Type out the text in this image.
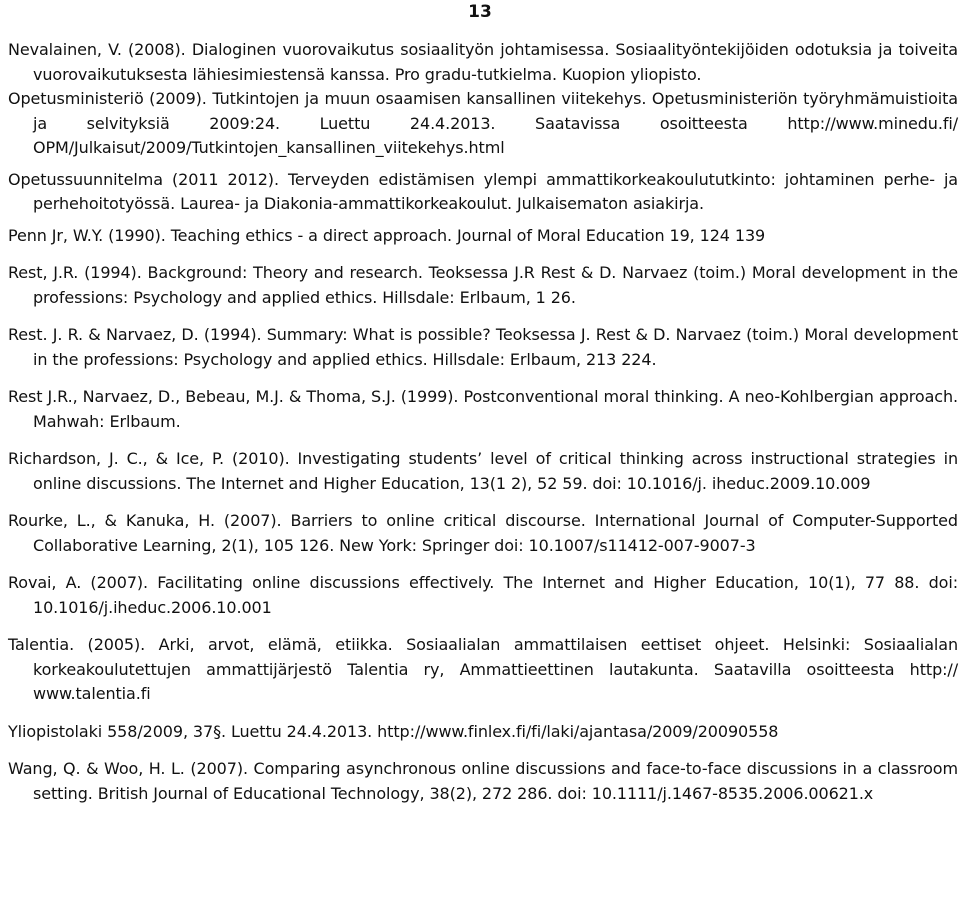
13

Nevalainen, V. (2008). Dialoginen vuorovaikutus sosiaalityön johtamisessa. Sosiaalityöntekijöiden odotuksia ja toiveita vuorovaikutuksesta lähiesimiestensä kanssa. Pro gradu-tutkielma. Kuopion yliopisto.

Opetusministeriö (2009). Tutkintojen ja muun osaamisen kansallinen viitekehys. Opetusministeriön työryhmämuistioita ja selvityksiä 2009:24. Luettu 24.4.2013. Saatavissa osoitteesta http://www.minedu.fi/ OPM/Julkaisut/2009/Tutkintojen_kansallinen_viitekehys.html

Opetussuunnitelma (2011 2012). Terveyden edistämisen ylempi ammattikorkeakoulututkinto: johtaminen perhe- ja perhehoitotyössä. Laurea- ja Diakonia-ammattikorkeakoulut. Julkaisematon asiakirja.

Penn Jr, W.Y. (1990). Teaching ethics - a direct approach. Journal of Moral Education 19, 124 139

Rest, J.R. (1994). Background: Theory and research. Teoksessa J.R Rest & D. Narvaez (toim.) Moral development in the professions: Psychology and applied ethics. Hillsdale: Erlbaum, 1 26.

Rest. J. R. & Narvaez, D. (1994). Summary: What is possible? Teoksessa J. Rest & D. Narvaez (toim.) Moral development in the professions: Psychology and applied ethics. Hillsdale: Erlbaum, 213 224.

Rest J.R., Narvaez, D., Bebeau, M.J. & Thoma, S.J. (1999). Postconventional moral thinking. A neo-Kohlbergian approach. Mahwah: Erlbaum.

Richardson, J. C., & Ice, P. (2010). Investigating students’ level of critical thinking across instructional strategies in online discussions. The Internet and Higher Education, 13(1 2), 52 59. doi: 10.1016/j. iheduc.2009.10.009

Rourke, L., & Kanuka, H. (2007). Barriers to online critical discourse. International Journal of Computer-Supported Collaborative Learning, 2(1), 105 126. New York: Springer doi: 10.1007/s11412-007-9007-3

Rovai, A. (2007). Facilitating online discussions effectively. The Internet and Higher Education, 10(1), 77 88. doi: 10.1016/j.iheduc.2006.10.001

Talentia. (2005). Arki, arvot, elämä, etiikka. Sosiaalialan ammattilaisen eettiset ohjeet. Helsinki: Sosiaalialan korkeakoulutettujen ammattijärjestö Talentia ry, Ammattieettinen lautakunta. Saatavilla osoitteesta http:// www.talentia.fi

Yliopistolaki 558/2009, 37§. Luettu 24.4.2013. http://www.finlex.fi/fi/laki/ajantasa/2009/20090558

Wang, Q. & Woo, H. L. (2007). Comparing asynchronous online discussions and face-to-face discussions in a classroom setting. British Journal of Educational Technology, 38(2), 272 286. doi: 10.1111/j.1467-8535.2006.00621.x
